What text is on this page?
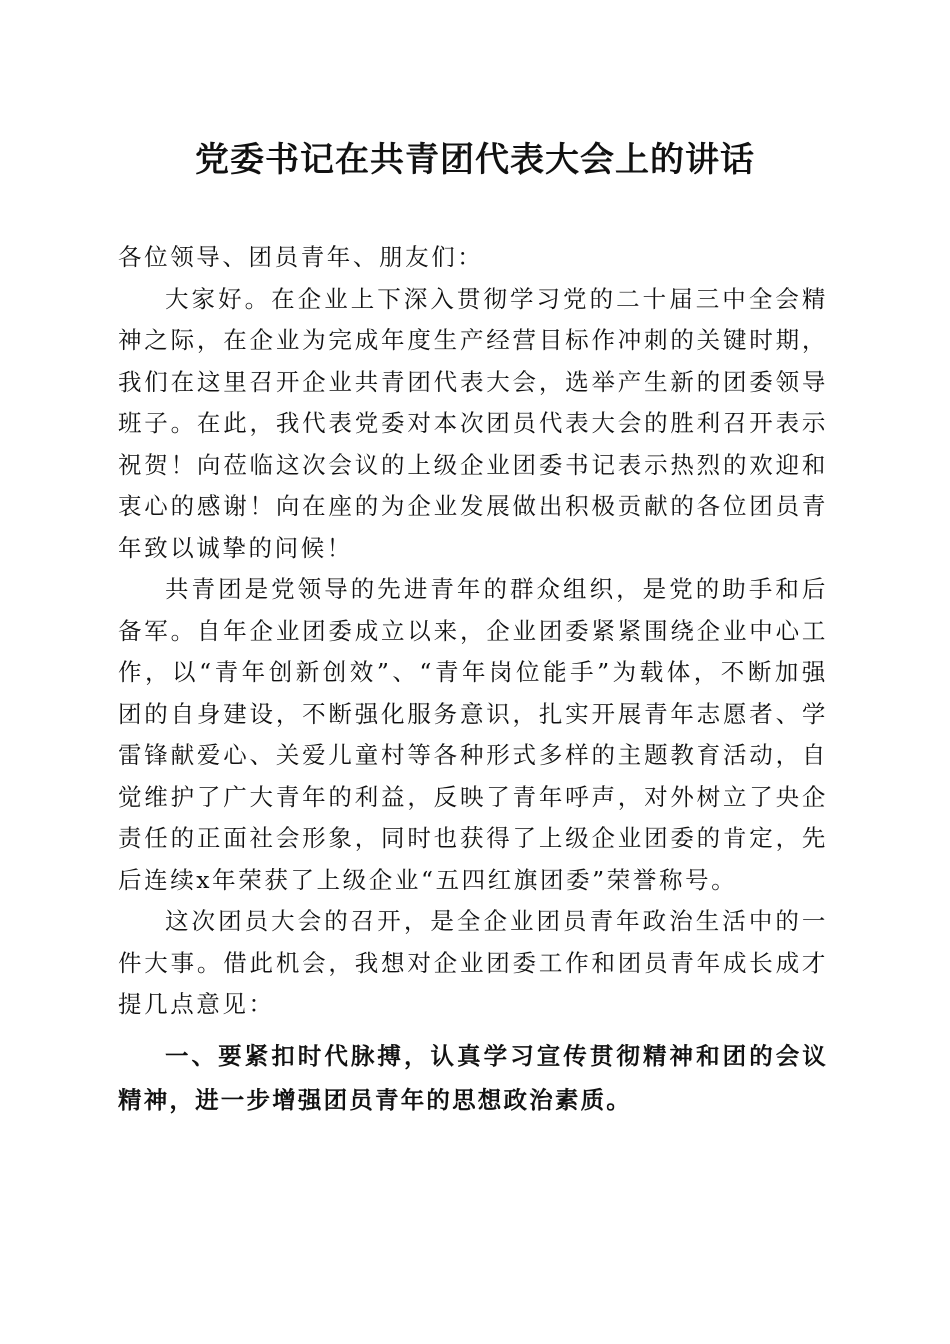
党委书记在共青团代表大会上的讲话

各位领导、团员青年、朋友们：

大家好。在企业上下深入贯彻学习党的二十届三中全会精神之际，在企业为完成年度生产经营目标作冲刺的关键时期，我们在这里召开企业共青团代表大会，选举产生新的团委领导班子。在此，我代表党委对本次团员代表大会的胜利召开表示祝贺！向莅临这次会议的上级企业团委书记表示热烈的欢迎和衷心的感谢！向在座的为企业发展做出积极贡献的各位团员青年致以诚挚的问候！

共青团是党领导的先进青年的群众组织，是党的助手和后备军。自年企业团委成立以来，企业团委紧紧围绕企业中心工作，以“青年创新创效”、“青年岗位能手”为载体，不断加强团的自身建设，不断强化服务意识，扎实开展青年志愿者、学雷锋献爱心、关爱儿童村等各种形式多样的主题教育活动，自觉维护了广大青年的利益，反映了青年呼声，对外树立了央企责任的正面社会形象，同时也获得了上级企业团委的肯定，先后连续x年荣获了上级企业“五四红旗团委”荣誉称号。

这次团员大会的召开，是全企业团员青年政治生活中的一件大事。借此机会，我想对企业团委工作和团员青年成长成才提几点意见：

一、要紧扣时代脉搏，认真学习宣传贯彻精神和团的会议精神，进一步增强团员青年的思想政治素质。
